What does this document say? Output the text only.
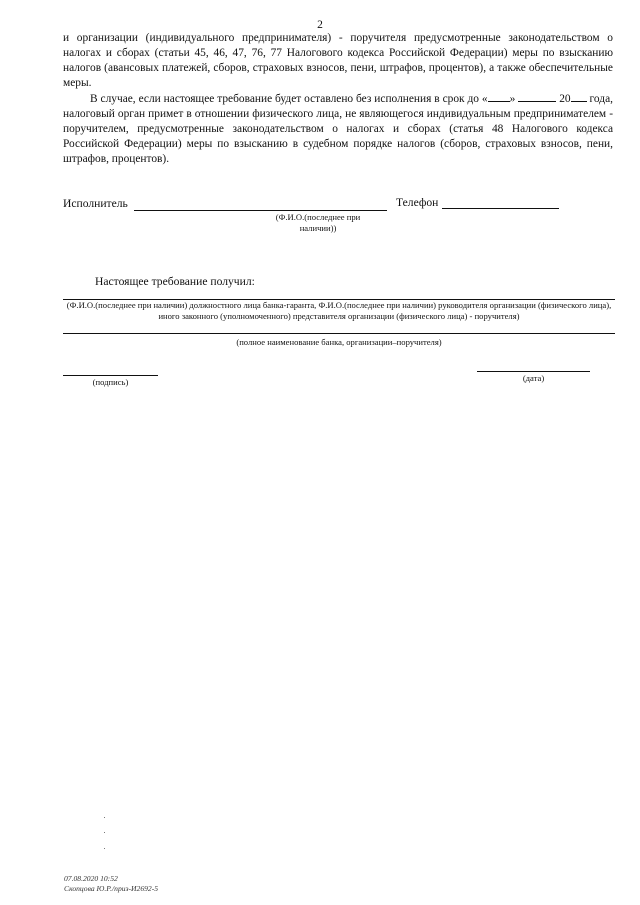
2

и организации (индивидуального предпринимателя) - поручителя предусмотренные законодательством о налогах и сборах (статьи 45, 46, 47, 76, 77 Налогового кодекса Российской Федерации) меры по взысканию налогов (авансовых платежей, сборов, страховых взносов, пени, штрафов, процентов), а также обеспечительные меры.

В случае, если настоящее требование будет оставлено без исполнения в срок до « »	20 года, налоговый орган примет в отношении физического лица, не являющегося индивидуальным предпринимателем - поручителем, предусмотренные законодательством о налогах и сборах (статья 48 Налогового кодекса Российской Федерации) меры по взысканию в судебном порядке налогов (сборов, страховых взносов, пени, штрафов, процентов).

Исполнитель
(Ф.И.О.(последнее при наличии))
Телефон
Настоящее требование получил:
(Ф.И.О.(последнее при наличии) должностного лица банка-гаранта, Ф.И.О.(последнее при наличии) руководителя организации (физического лица), иного законного (уполномоченного) представителя организации (физического лица) - поручителя)
(полное наименование банка, организации–поручителя)
(подпись)	(дата)
07.08.2020 10:52
Скопцова Ю.Р./приз-И2692-5
